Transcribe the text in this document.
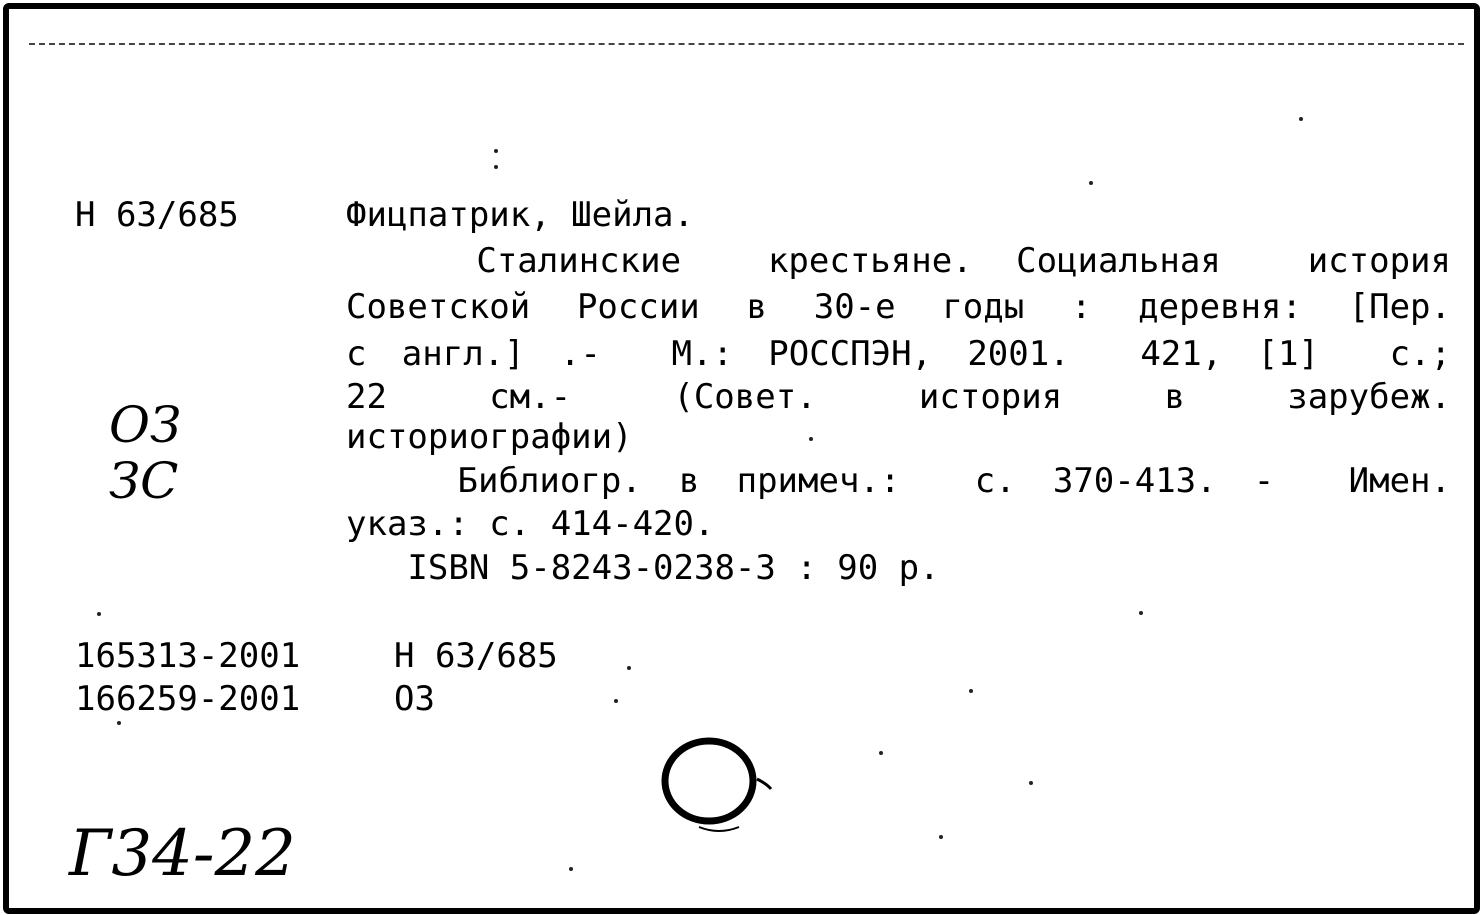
Н 63/685	Фицпатрик, Шейла.
Сталинские  крестьяне. Социальная  история
Советской России в 30-е годы : деревня: [Пер.
с англ.] .-  М.: РОССПЭН, 2001.  421, [1]  с.;
22  см.-  (Совет.  история  в  зарубеж.
историографии)
Библиогр. в примеч.:  с. 370-413. -  Имен.
указ.: с. 414-420.
ISBN 5-8243-0238-3 : 90 р.
ОЗ
ЗС
165313-2001	Н 63/685
166259-2001	ОЗ
Г34-22
